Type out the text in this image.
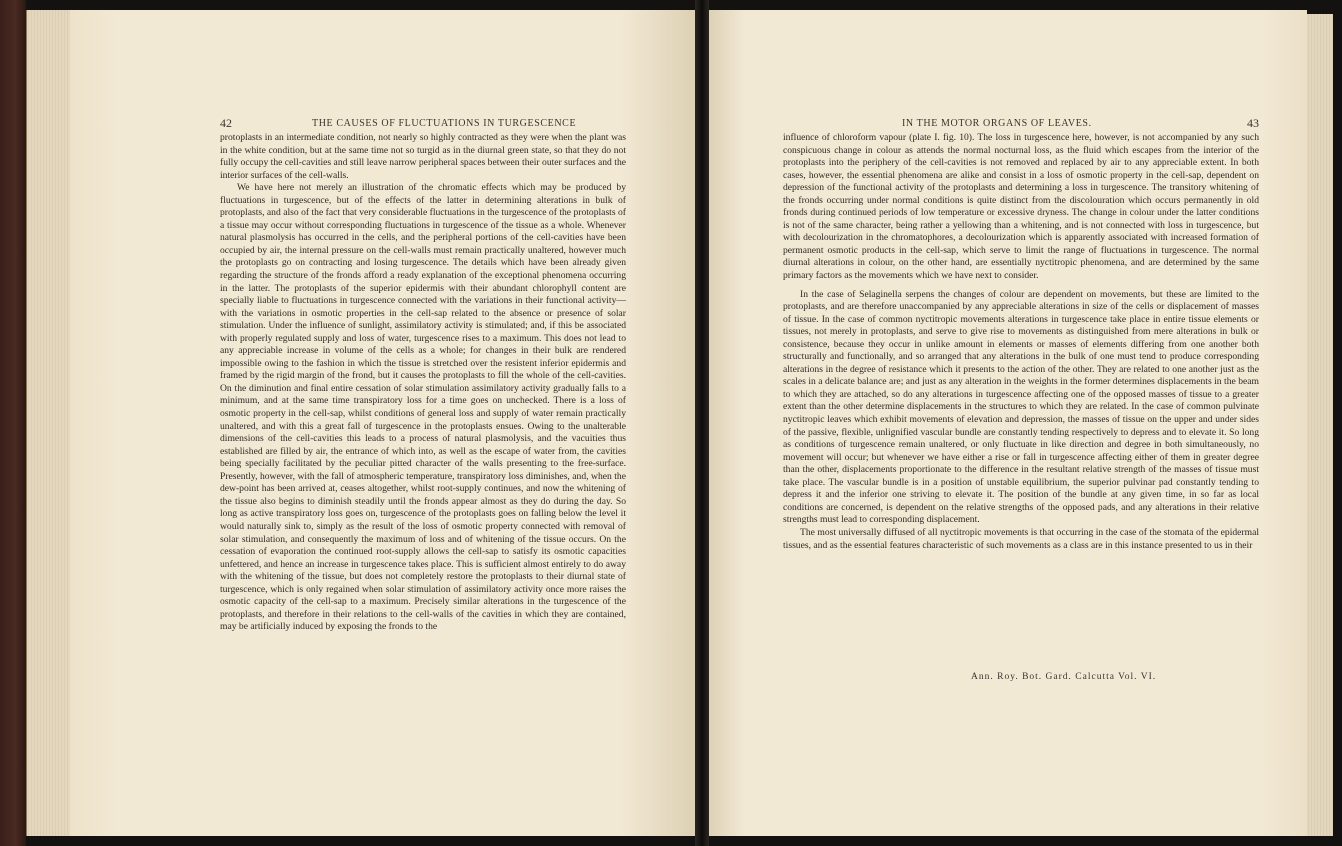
42	THE CAUSES OF FLUCTUATIONS IN TURGESCENCE

protoplasts in an intermediate condition, not nearly so highly contracted as they were when the plant was in the white condition, but at the same time not so turgid as in the diurnal green state, so that they do not fully occupy the cell-cavities and still leave narrow peripheral spaces between their outer surfaces and the interior surfaces of the cell-walls.

We have here not merely an illustration of the chromatic effects which may be produced by fluctuations in turgescence, but of the effects of the latter in determining alterations in bulk of protoplasts, and also of the fact that very considerable fluctuations in the turgescence of the protoplasts of a tissue may occur without corresponding fluctuations in turgescence of the tissue as a whole. Whenever natural plasmolysis has occurred in the cells, and the peripheral portions of the cell-cavities have been occupied by air, the internal pressure on the cell-walls must remain practically unaltered, however much the protoplasts go on contracting and losing turgescence. The details which have been already given regarding the structure of the fronds afford a ready explanation of the exceptional phenomena occurring in the latter. The protoplasts of the superior epidermis with their abundant chlorophyll content are specially liable to fluctuations in turgescence connected with the variations in their functional activity—with the variations in osmotic properties in the cell-sap related to the absence or presence of solar stimulation. Under the influence of sunlight, assimilatory activity is stimulated; and, if this be associated with properly regulated supply and loss of water, turgescence rises to a maximum. This does not lead to any appreciable increase in volume of the cells as a whole; for changes in their bulk are rendered impossible owing to the fashion in which the tissue is stretched over the resistent inferior epidermis and framed by the rigid margin of the frond, but it causes the protoplasts to fill the whole of the cell-cavities. On the diminution and final entire cessation of solar stimulation assimilatory activity gradually falls to a minimum, and at the same time transpiratory loss for a time goes on unchecked. There is a loss of osmotic property in the cell-sap, whilst conditions of general loss and supply of water remain practically unaltered, and with this a great fall of turgescence in the protoplasts ensues. Owing to the unalterable dimensions of the cell-cavities this leads to a process of natural plasmolysis, and the vacuities thus established are filled by air, the entrance of which into, as well as the escape of water from, the cavities being specially facilitated by the peculiar pitted character of the walls presenting to the free-surface. Presently, however, with the fall of atmospheric temperature, transpiratory loss diminishes, and, when the dew-point has been arrived at, ceases altogether, whilst root-supply continues, and now the whitening of the tissue also begins to diminish steadily until the fronds appear almost as they do during the day. So long as active transpiratory loss goes on, turgescence of the protoplasts goes on falling below the level it would naturally sink to, simply as the result of the loss of osmotic property connected with removal of solar stimulation, and consequently the maximum of loss and of whitening of the tissue occurs. On the cessation of evaporation the continued root-supply allows the cell-sap to satisfy its osmotic capacities unfettered, and hence an increase in turgescence takes place. This is sufficient almost entirely to do away with the whitening of the tissue, but does not completely restore the protoplasts to their diurnal state of turgescence, which is only regained when solar stimulation of assimilatory activity once more raises the osmotic capacity of the cell-sap to a maximum. Precisely similar alterations in the turgescence of the protoplasts, and therefore in their relations to the cell-walls of the cavities in which they are contained, may be artificially induced by exposing the fronds to the

IN THE MOTOR ORGANS OF LEAVES.	43

influence of chloroform vapour (plate I. fig. 10). The loss in turgescence here, however, is not accompanied by any such conspicuous change in colour as attends the normal nocturnal loss, as the fluid which escapes from the interior of the protoplasts into the periphery of the cell-cavities is not removed and replaced by air to any appreciable extent. In both cases, however, the essential phenomena are alike and consist in a loss of osmotic property in the cell-sap, dependent on depression of the functional activity of the protoplasts and determining a loss in turgescence. The transitory whitening of the fronds occurring under normal conditions is quite distinct from the discolouration which occurs permanently in old fronds during continued periods of low temperature or excessive dryness. The change in colour under the latter conditions is not of the same character, being rather a yellowing than a whitening, and is not connected with loss in turgescence, but with decolourization in the chromatophores, a decolourization which is apparently associated with increased formation of permanent osmotic products in the cell-sap, which serve to limit the range of fluctuations in turgescence. The normal diurnal alterations in colour, on the other hand, are essentially nyctitropic phenomena, and are determined by the same primary factors as the movements which we have next to consider.

In the case of Selaginella serpens the changes of colour are dependent on movements, but these are limited to the protoplasts, and are therefore unaccompanied by any appreciable alterations in size of the cells or displacement of masses of tissue. In the case of common nyctitropic movements alterations in turgescence take place in entire tissue elements or tissues, not merely in protoplasts, and serve to give rise to movements as distinguished from mere alterations in bulk or consistence, because they occur in unlike amount in elements or masses of elements differing from one another both structurally and functionally, and so arranged that any alterations in the bulk of one must tend to produce corresponding alterations in the degree of resistance which it presents to the action of the other. They are related to one another just as the scales in a delicate balance are; and just as any alteration in the weights in the former determines displacements in the beam to which they are attached, so do any alterations in turgescence affecting one of the opposed masses of tissue to a greater extent than the other determine displacements in the structures to which they are related. In the case of common pulvinate nyctitropic leaves which exhibit movements of elevation and depression, the masses of tissue on the upper and under sides of the passive, flexible, unlignified vascular bundle are constantly tending respectively to depress and to elevate it. So long as conditions of turgescence remain unaltered, or only fluctuate in like direction and degree in both simultaneously, no movement will occur; but whenever we have either a rise or fall in turgescence affecting either of them in greater degree than the other, displacements proportionate to the difference in the resultant relative strength of the masses of tissue must take place. The vascular bundle is in a position of unstable equilibrium, the superior pulvinar pad constantly tending to depress it and the inferior one striving to elevate it. The position of the bundle at any given time, in so far as local conditions are concerned, is dependent on the relative strengths of the opposed pads, and any alterations in their relative strengths must lead to corresponding displacement.

The most universally diffused of all nyctitropic movements is that occurring in the case of the stomata of the epidermal tissues, and as the essential features characteristic of such movements as a class are in this instance presented to us in their

Ann. Roy. Bot. Gard. Calcutta Vol. VI.
